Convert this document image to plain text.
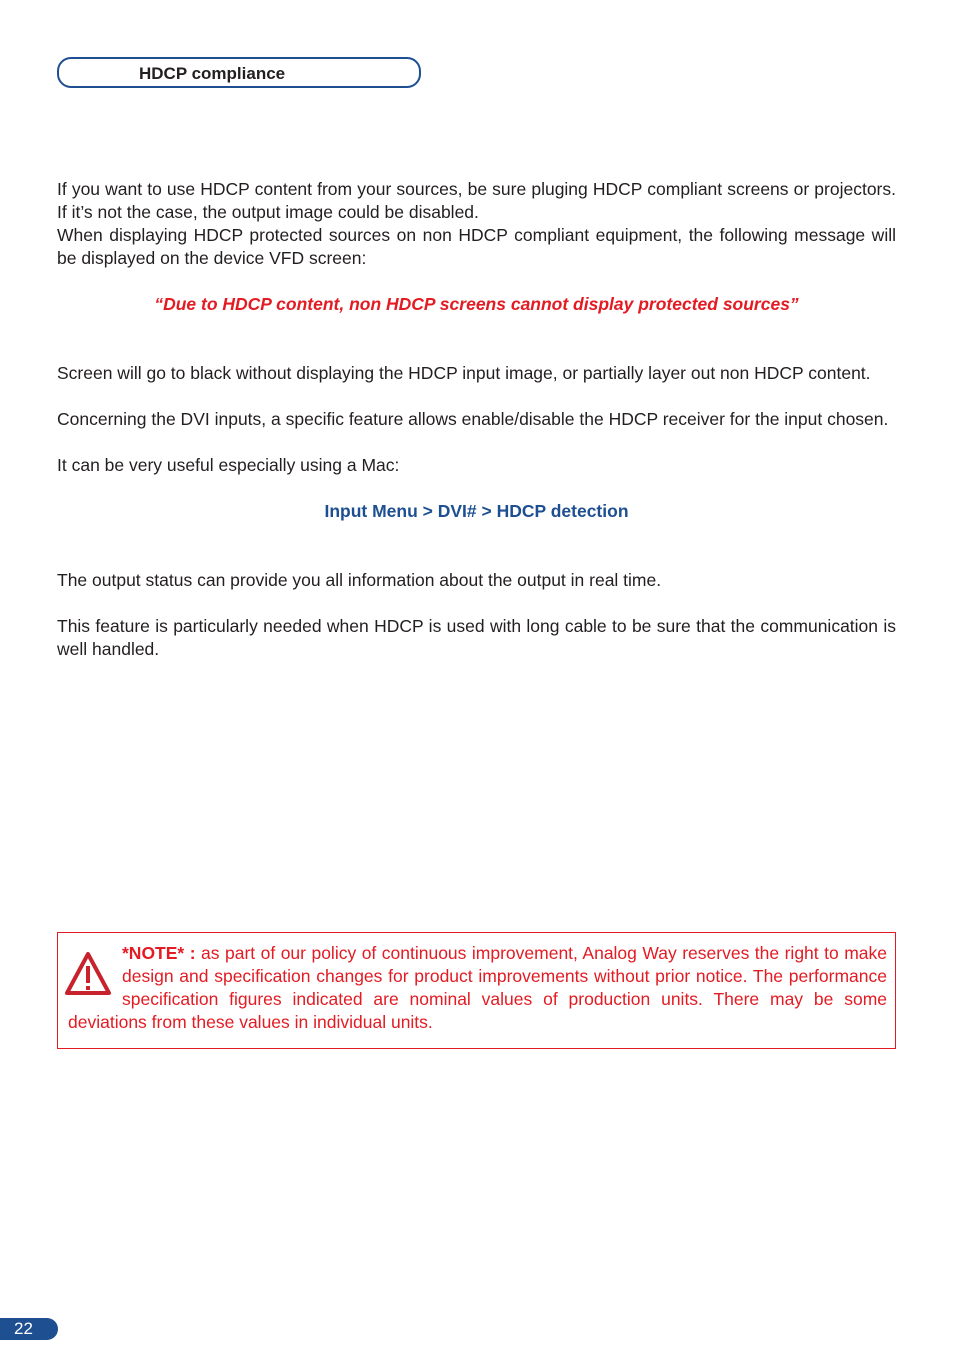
HDCP compliance

If you want to use HDCP content from your sources, be sure pluging HDCP compliant screens or projectors. If it’s not the case, the output image could be disabled.

When displaying HDCP protected sources on non HDCP compliant equipment, the following message will be displayed on the device VFD screen:

“Due to HDCP content, non HDCP screens cannot display protected sources”

Screen will go to black without displaying the HDCP input image, or partially layer out non HDCP content.

Concerning the DVI inputs, a specific feature allows enable/disable the HDCP receiver for the input chosen.

It can be very useful especially using a Mac:

Input Menu > DVI# > HDCP detection

The output status can provide you all information about the output in real time.

This feature is particularly needed when HDCP is used with long cable to be sure that the communication is well handled.

*NOTE* : as part of our policy of continuous improvement, Analog Way reserves the right to make design and specification changes for product improvements without prior notice. The performance specification figures indicated are nominal values of production units. There may be some deviations from these values in individual units.

22
